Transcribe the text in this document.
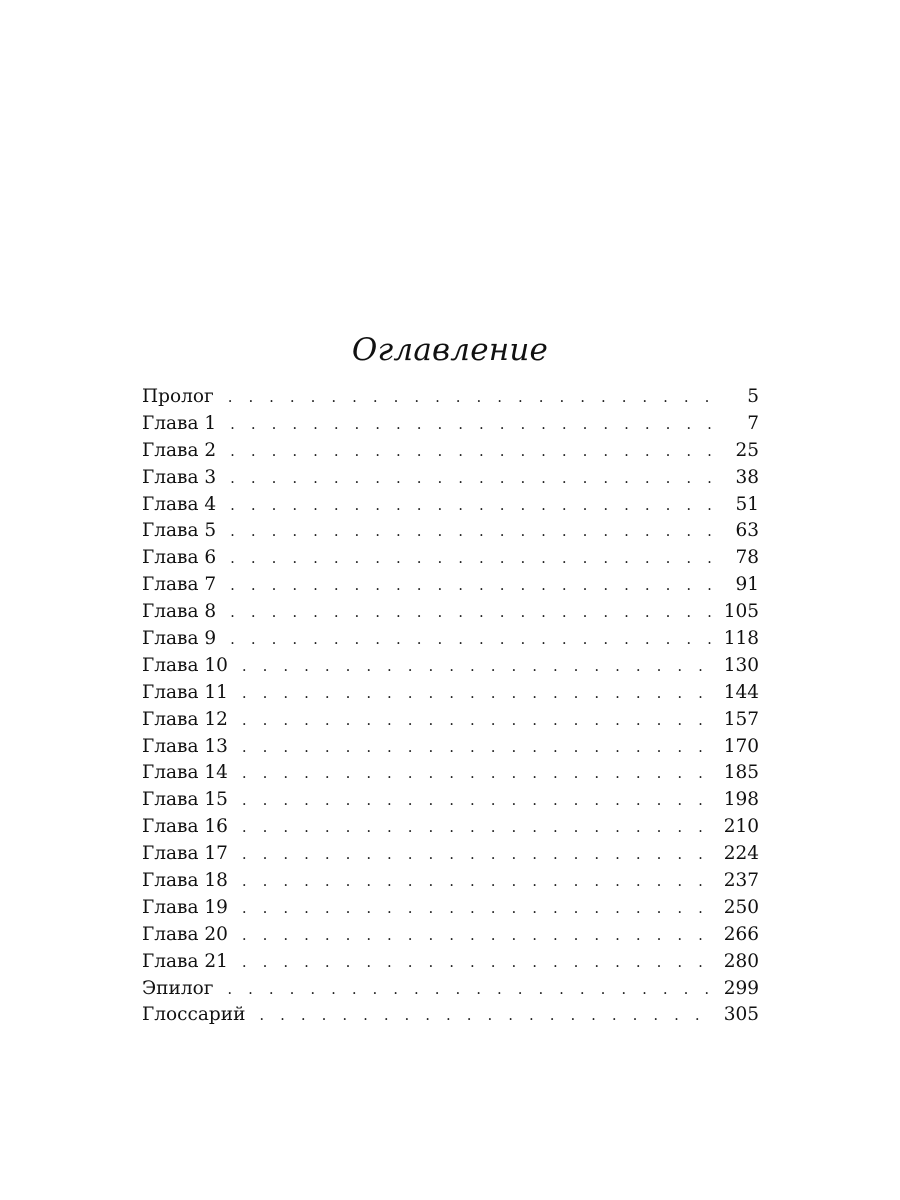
Оглавление
Пролог . . .	5
Глава 1 . . .	7
Глава 2 . . .	25
Глава 3 . . .	38
Глава 4 . . .	51
Глава 5 . . .	63
Глава 6 . . .	78
Глава 7 . . .	91
Глава 8 . . .	105
Глава 9 . . .	118
Глава 10 . . .	130
Глава 11 . . .	144
Глава 12 . . .	157
Глава 13 . . .	170
Глава 14 . . .	185
Глава 15 . . .	198
Глава 16 . . .	210
Глава 17 . . .	224
Глава 18 . . .	237
Глава 19 . . .	250
Глава 20 . . .	266
Глава 21 . . .	280
Эпилог . . .	299
Глоссарий . . .	305
